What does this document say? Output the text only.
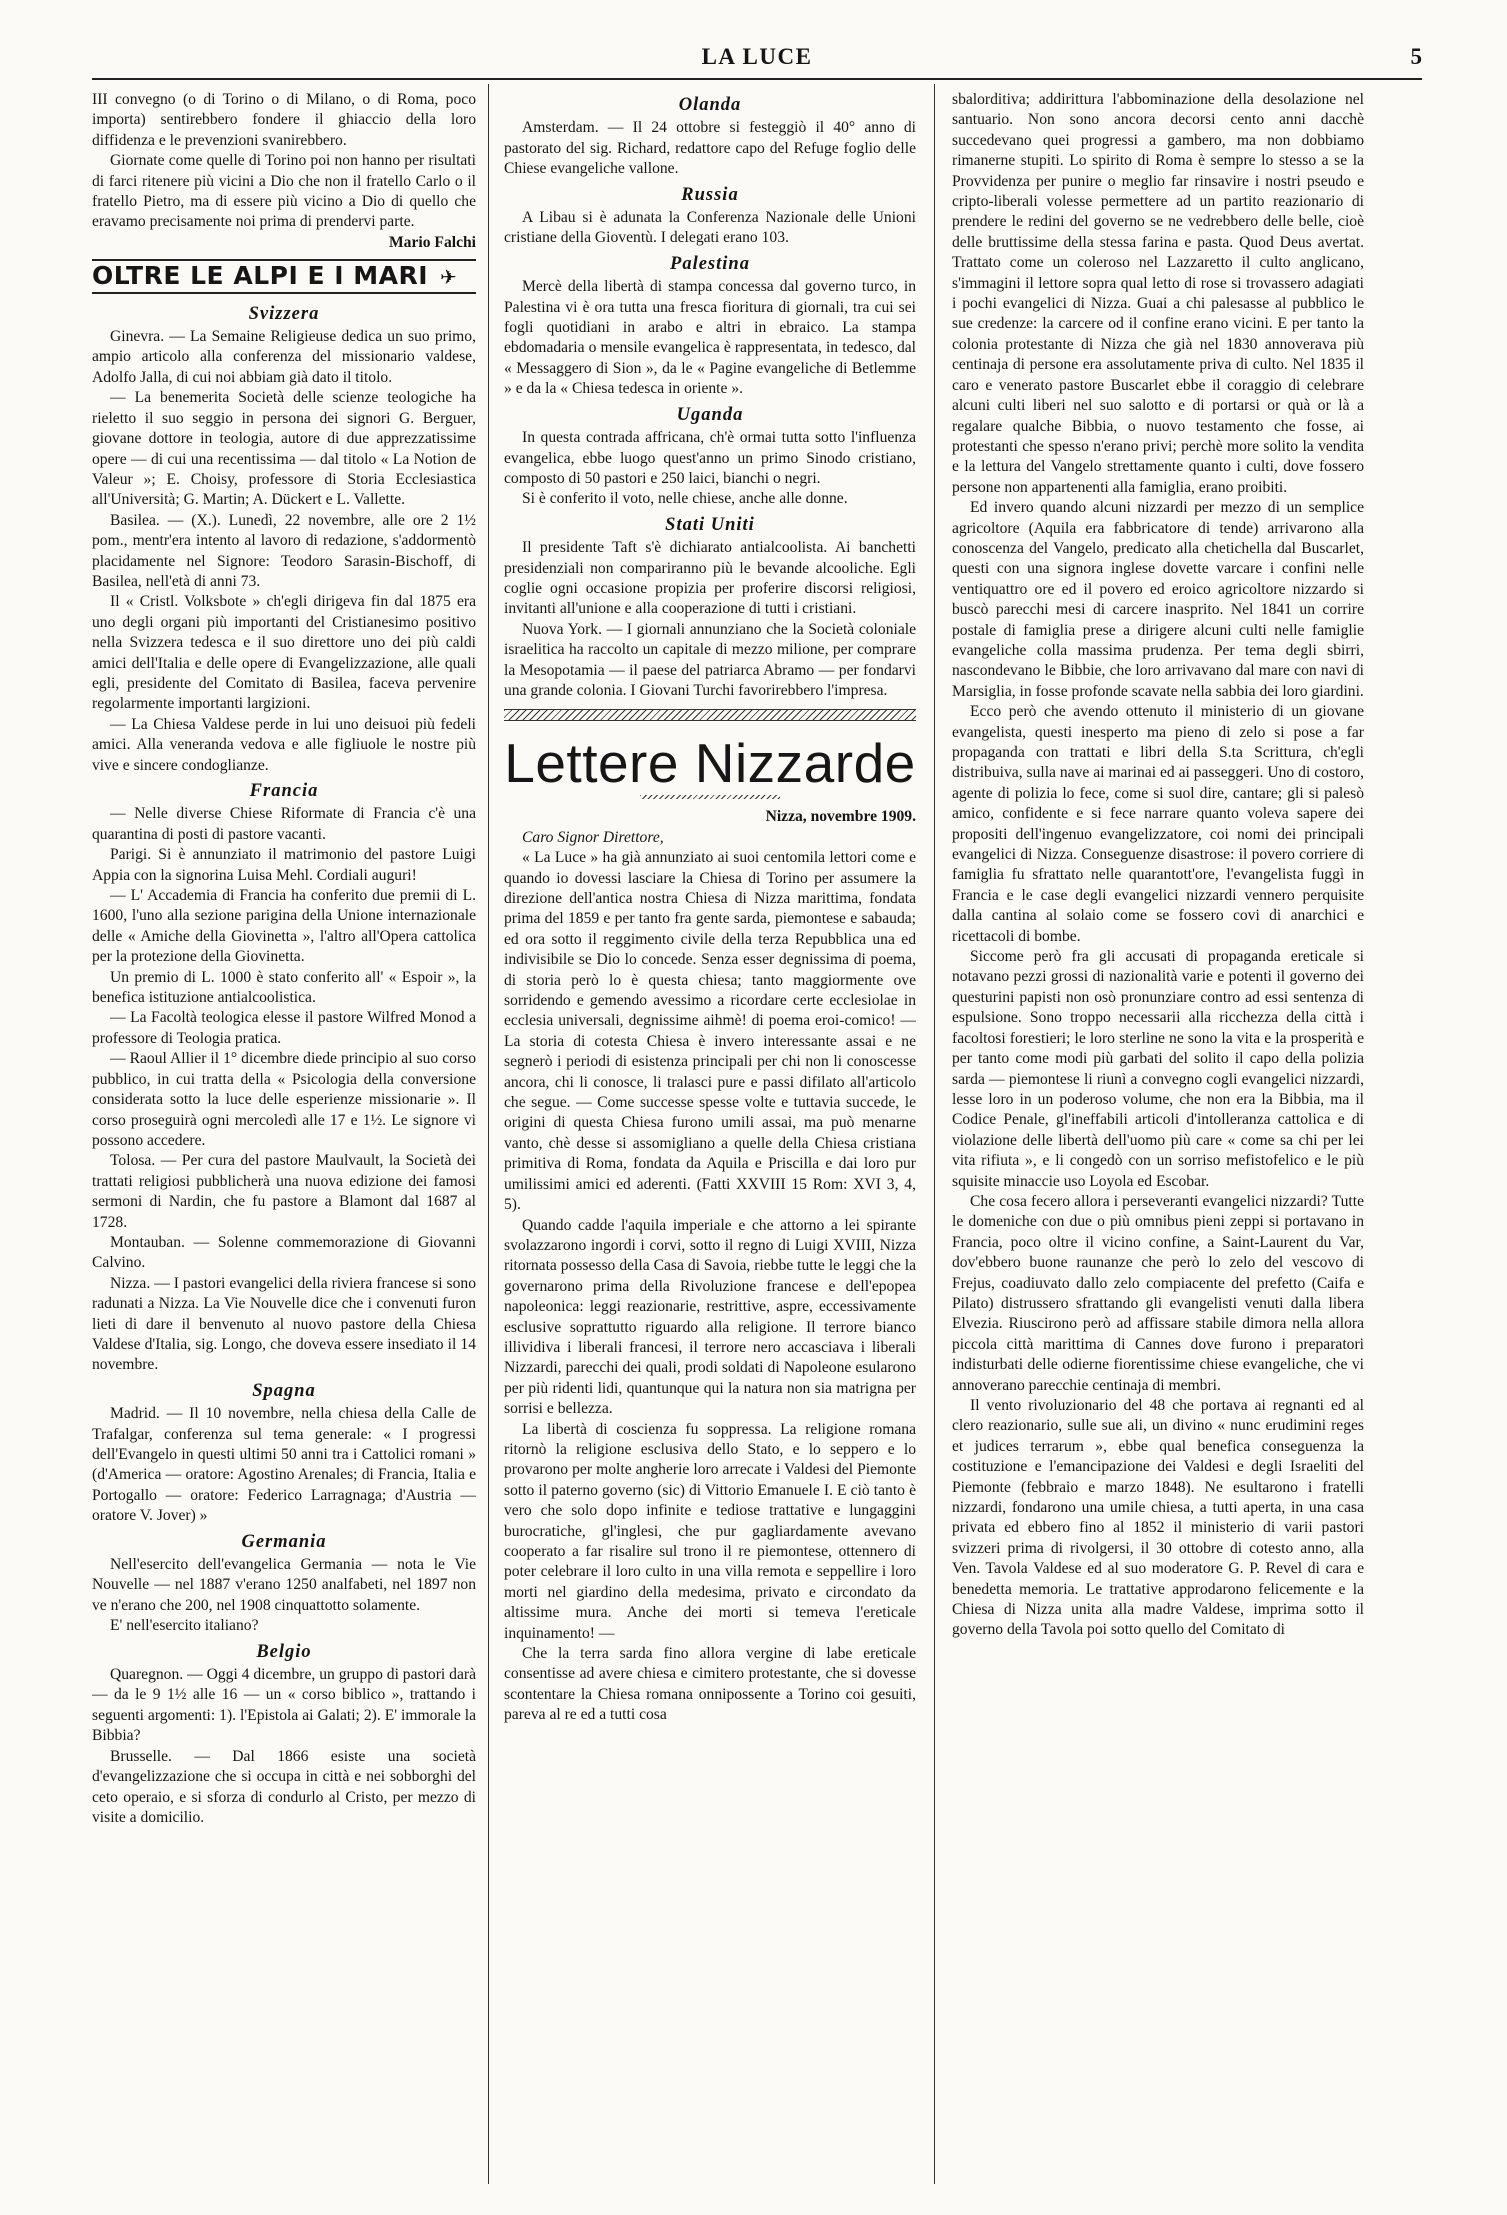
LA LUCE	5

III convegno (o di Torino o di Milano, o di Roma, poco importa) sentirebbero fondere il ghiaccio della loro diffidenza e le prevenzioni svanirebbero.

Giornate come quelle di Torino poi non hanno per risultati di farci ritenere più vicini a Dio che non il fratello Carlo o il fratello Pietro, ma di essere più vicino a Dio di quello che eravamo precisamente noi prima di prendervi parte.

Mario Falchi

OLTRE LE ALPI E I MARI ✈
Svizzera

Ginevra. — La Semaine Religieuse dedica un suo primo, ampio articolo alla conferenza del missionario valdese, Adolfo Jalla, di cui noi abbiam già dato il titolo.

— La benemerita Società delle scienze teologiche ha rieletto il suo seggio in persona dei signori G. Berguer, giovane dottore in teologia, autore di due apprezzatissime opere — di cui una recentissima — dal titolo « La Notion de Valeur »; E. Choisy, professore di Storia Ecclesiastica all'Università; G. Martin; A. Dückert e L. Vallette.

Basilea. — (X.). Lunedì, 22 novembre, alle ore 2 1½ pom., mentr'era intento al lavoro di redazione, s'addormentò placidamente nel Signore: Teodoro Sarasin-Bischoff, di Basilea, nell'età di anni 73.

Il « Cristl. Volksbote » ch'egli dirigeva fin dal 1875 era uno degli organi più importanti del Cristianesimo positivo nella Svizzera tedesca e il suo direttore uno dei più caldi amici dell'Italia e delle opere di Evangelizzazione, alle quali egli, presidente del Comitato di Basilea, faceva pervenire regolarmente importanti largizioni.

— La Chiesa Valdese perde in lui uno deisuoi più fedeli amici. Alla veneranda vedova e alle figliuole le nostre più vive e sincere condoglianze.

Francia

— Nelle diverse Chiese Riformate di Francia c'è una quarantina di posti di pastore vacanti.

Parigi. Si è annunziato il matrimonio del pastore Luigi Appia con la signorina Luisa Mehl. Cordiali auguri!

— L' Accademia di Francia ha conferito due premii di L. 1600, l'uno alla sezione parigina della Unione internazionale delle « Amiche della Giovinetta », l'altro all'Opera cattolica per la protezione della Giovinetta.

Un premio di L. 1000 è stato conferito all' « Espoir », la benefica istituzione antialcoolistica.

— La Facoltà teologica elesse il pastore Wilfred Monod a professore di Teologia pratica.

— Raoul Allier il 1° dicembre diede principio al suo corso pubblico, in cui tratta della « Psicologia della conversione considerata sotto la luce delle esperienze missionarie ». Il corso proseguirà ogni mercoledì alle 17 e 1½. Le signore vi possono accedere.

Tolosa. — Per cura del pastore Maulvault, la Società dei trattati religiosi pubblicherà una nuova edizione dei famosi sermoni di Nardin, che fu pastore a Blamont dal 1687 al 1728.

Montauban. — Solenne commemorazione di Giovanni Calvino.

Nizza. — I pastori evangelici della riviera francese si sono radunati a Nizza. La Vie Nouvelle dice che i convenuti furon lieti di dare il benvenuto al nuovo pastore della Chiesa Valdese d'Italia, sig. Longo, che doveva essere insediato il 14 novembre.

Spagna

Madrid. — Il 10 novembre, nella chiesa della Calle de Trafalgar, conferenza sul tema generale: « I progressi dell'Evangelo in questi ultimi 50 anni tra i Cattolici romani » (d'America — oratore: Agostino Arenales; di Francia, Italia e Portogallo — oratore: Federico Larragnaga; d'Austria — oratore V. Jover) »

Germania

Nell'esercito dell'evangelica Germania — nota le Vie Nouvelle — nel 1887 v'erano 1250 analfabeti, nel 1897 non ve n'erano che 200, nel 1908 cinquattotto solamente.

E' nell'esercito italiano?

Belgio

Quaregnon. — Oggi 4 dicembre, un gruppo di pastori darà — da le 9 1½ alle 16 — un « corso biblico », trattando i seguenti argomenti: 1). l'Epistola ai Galati; 2). E' immorale la Bibbia?

Brusselle. — Dal 1866 esiste una società d'evangelizzazione che si occupa in città e nei sobborghi del ceto operaio, e si sforza di condurlo al Cristo, per mezzo di visite a domicilio.

Olanda

Amsterdam. — Il 24 ottobre si festeggiò il 40° anno di pastorato del sig. Richard, redattore capo del Refuge foglio delle Chiese evangeliche vallone.

Russia

A Libau si è adunata la Conferenza Nazionale delle Unioni cristiane della Gioventù. I delegati erano 103.

Palestina

Mercè della libertà di stampa concessa dal governo turco, in Palestina vi è ora tutta una fresca fioritura di giornali, tra cui sei fogli quotidiani in arabo e altri in ebraico. La stampa ebdomadaria o mensile evangelica è rappresentata, in tedesco, dal « Messaggero di Sion », da le « Pagine evangeliche di Betlemme » e da la « Chiesa tedesca in oriente ».

Uganda

In questa contrada affricana, ch'è ormai tutta sotto l'influenza evangelica, ebbe luogo quest'anno un primo Sinodo cristiano, composto di 50 pastori e 250 laici, bianchi o negri.

Si è conferito il voto, nelle chiese, anche alle donne.

Stati Uniti

Il presidente Taft s'è dichiarato antialcoolista. Ai banchetti presidenziali non compariranno più le bevande alcooliche. Egli coglie ogni occasione propizia per proferire discorsi religiosi, invitanti all'unione e alla cooperazione di tutti i cristiani.

Nuova York. — I giornali annunziano che la Società coloniale israelitica ha raccolto un capitale di mezzo milione, per comprare la Mesopotamia — il paese del patriarca Abramo — per fondarvi una grande colonia. I Giovani Turchi favorirebbero l'impresa.

Lettere Nizzarde

Nizza, novembre 1909.

Caro Signor Direttore,

« La Luce » ha già annunziato ai suoi centomila lettori come e quando io dovessi lasciare la Chiesa di Torino per assumere la direzione dell'antica nostra Chiesa di Nizza marittima, fondata prima del 1859 e per tanto fra gente sarda, piemontese e sabauda; ed ora sotto il reggimento civile della terza Repubblica una ed indivisibile se Dio lo concede. Senza esser degnissima di poema, di storia però lo è questa chiesa; tanto maggiormente ove sorridendo e gemendo avessimo a ricordare certe ecclesiolae in ecclesia universali, degnissime aihmè! di poema eroi-comico! — La storia di cotesta Chiesa è invero interessante assai e ne segnerò i periodi di esistenza principali per chi non li conoscesse ancora, chi li conosce, li tralasci pure e passi difilato all'articolo che segue. — Come successe spesse volte e tuttavia succede, le origini di questa Chiesa furono umili assai, ma può menarne vanto, chè desse si assomigliano a quelle della Chiesa cristiana primitiva di Roma, fondata da Aquila e Priscilla e dai loro pur umilissimi amici ed aderenti. (Fatti XXVIII 15 Rom: XVI 3, 4, 5).

Quando cadde l'aquila imperiale e che attorno a lei spirante svolazzarono ingordi i corvi, sotto il regno di Luigi XVIII, Nizza ritornata possesso della Casa di Savoia, riebbe tutte le leggi che la governarono prima della Rivoluzione francese e dell'epopea napoleonica: leggi reazionarie, restrittive, aspre, eccessivamente esclusive soprattutto riguardo alla religione. Il terrore bianco illividiva i liberali francesi, il terrore nero accasciava i liberali Nizzardi, parecchi dei quali, prodi soldati di Napoleone esularono per più ridenti lidi, quantunque qui la natura non sia matrigna per sorrisi e bellezza.

La libertà di coscienza fu soppressa. La religione romana ritornò la religione esclusiva dello Stato, e lo seppero e lo provarono per molte angherie loro arrecate i Valdesi del Piemonte sotto il paterno governo (sic) di Vittorio Emanuele I. E ciò tanto è vero che solo dopo infinite e tediose trattative e lungaggini burocratiche, gl'inglesi, che pur gagliardamente avevano cooperato a far risalire sul trono il re piemontese, ottennero di poter celebrare il loro culto in una villa remota e seppellire i loro morti nel giardino della medesima, privato e circondato da altissime mura. Anche dei morti si temeva l'ereticale inquinamento! —

Che la terra sarda fino allora vergine di labe ereticale consentisse ad avere chiesa e cimitero protestante, che si dovesse scontentare la Chiesa romana onnipossente a Torino coi gesuiti, pareva al re ed a tutti cosa

sbalorditiva; addirittura l'abbominazione della desolazione nel santuario. Non sono ancora decorsi cento anni dacchè succedevano quei progressi a gambero, ma non dobbiamo rimanerne stupiti. Lo spirito di Roma è sempre lo stesso a se la Provvidenza per punire o meglio far rinsavire i nostri pseudo e cripto-liberali volesse permettere ad un partito reazionario di prendere le redini del governo se ne vedrebbero delle belle, cioè delle bruttissime della stessa farina e pasta. Quod Deus avertat. Trattato come un coleroso nel Lazzaretto il culto anglicano, s'immagini il lettore sopra qual letto di rose si trovassero adagiati i pochi evangelici di Nizza. Guai a chi palesasse al pubblico le sue credenze: la carcere od il confine erano vicini. E per tanto la colonia protestante di Nizza che già nel 1830 annoverava più centinaja di persone era assolutamente priva di culto. Nel 1835 il caro e venerato pastore Buscarlet ebbe il coraggio di celebrare alcuni culti liberi nel suo salotto e di portarsi or quà or là a regalare qualche Bibbia, o nuovo testamento che fosse, ai protestanti che spesso n'erano privi; perchè more solito la vendita e la lettura del Vangelo strettamente quanto i culti, dove fossero persone non appartenenti alla famiglia, erano proibiti.

Ed invero quando alcuni nizzardi per mezzo di un semplice agricoltore (Aquila era fabbricatore di tende) arrivarono alla conoscenza del Vangelo, predicato alla chetichella dal Buscarlet, questi con una signora inglese dovette varcare i confini nelle ventiquattro ore ed il povero ed eroico agricoltore nizzardo si buscò parecchi mesi di carcere inasprito. Nel 1841 un corrire postale di famiglia prese a dirigere alcuni culti nelle famiglie evangeliche colla massima prudenza. Per tema degli sbirri, nascondevano le Bibbie, che loro arrivavano dal mare con navi di Marsiglia, in fosse profonde scavate nella sabbia dei loro giardini.

Ecco però che avendo ottenuto il ministerio di un giovane evangelista, questi inesperto ma pieno di zelo si pose a far propaganda con trattati e libri della S.ta Scrittura, ch'egli distribuiva, sulla nave ai marinai ed ai passeggeri. Uno di costoro, agente di polizia lo fece, come si suol dire, cantare; gli si palesò amico, confidente e si fece narrare quanto voleva sapere dei propositi dell'ingenuo evangelizzatore, coi nomi dei principali evangelici di Nizza. Conseguenze disastrose: il povero corriere di famiglia fu sfrattato nelle quarantott'ore, l'evangelista fuggì in Francia e le case degli evangelici nizzardi vennero perquisite dalla cantina al solaio come se fossero covi di anarchici e ricettacoli di bombe.

Siccome però fra gli accusati di propaganda ereticale si notavano pezzi grossi di nazionalità varie e potenti il governo dei questurini papisti non osò pronunziare contro ad essi sentenza di espulsione. Sono troppo necessarii alla ricchezza della città i facoltosi forestieri; le loro sterline ne sono la vita e la prosperità e per tanto come modi più garbati del solito il capo della polizia sarda — piemontese li riunì a convegno cogli evangelici nizzardi, lesse loro in un poderoso volume, che non era la Bibbia, ma il Codice Penale, gl'ineffabili articoli d'intolleranza cattolica e di violazione delle libertà dell'uomo più care « come sa chi per lei vita rifiuta », e li congedò con un sorriso mefistofelico e le più squisite minaccie uso Loyola ed Escobar.

Che cosa fecero allora i perseveranti evangelici nizzardi? Tutte le domeniche con due o più omnibus pieni zeppi si portavano in Francia, poco oltre il vicino confine, a Saint-Laurent du Var, dov'ebbero buone raunanze che però lo zelo del vescovo di Frejus, coadiuvato dallo zelo compiacente del prefetto (Caifa e Pilato) distrussero sfrattando gli evangelisti venuti dalla libera Elvezia. Riuscirono però ad affissare stabile dimora nella allora piccola città marittima di Cannes dove furono i preparatori indisturbati delle odierne fiorentissime chiese evangeliche, che vi annoverano parecchie centinaja di membri.

Il vento rivoluzionario del 48 che portava ai regnanti ed al clero reazionario, sulle sue ali, un divino « nunc erudimini reges et judices terrarum », ebbe qual benefica conseguenza la costituzione e l'emancipazione dei Valdesi e degli Israeliti del Piemonte (febbraio e marzo 1848). Ne esultarono i fratelli nizzardi, fondarono una umile chiesa, a tutti aperta, in una casa privata ed ebbero fino al 1852 il ministerio di varii pastori svizzeri prima di rivolgersi, il 30 ottobre di cotesto anno, alla Ven. Tavola Valdese ed al suo moderatore G. P. Revel di cara e benedetta memoria. Le trattative approdarono felicemente e la Chiesa di Nizza unita alla madre Valdese, imprima sotto il governo della Tavola poi sotto quello del Comitato di
